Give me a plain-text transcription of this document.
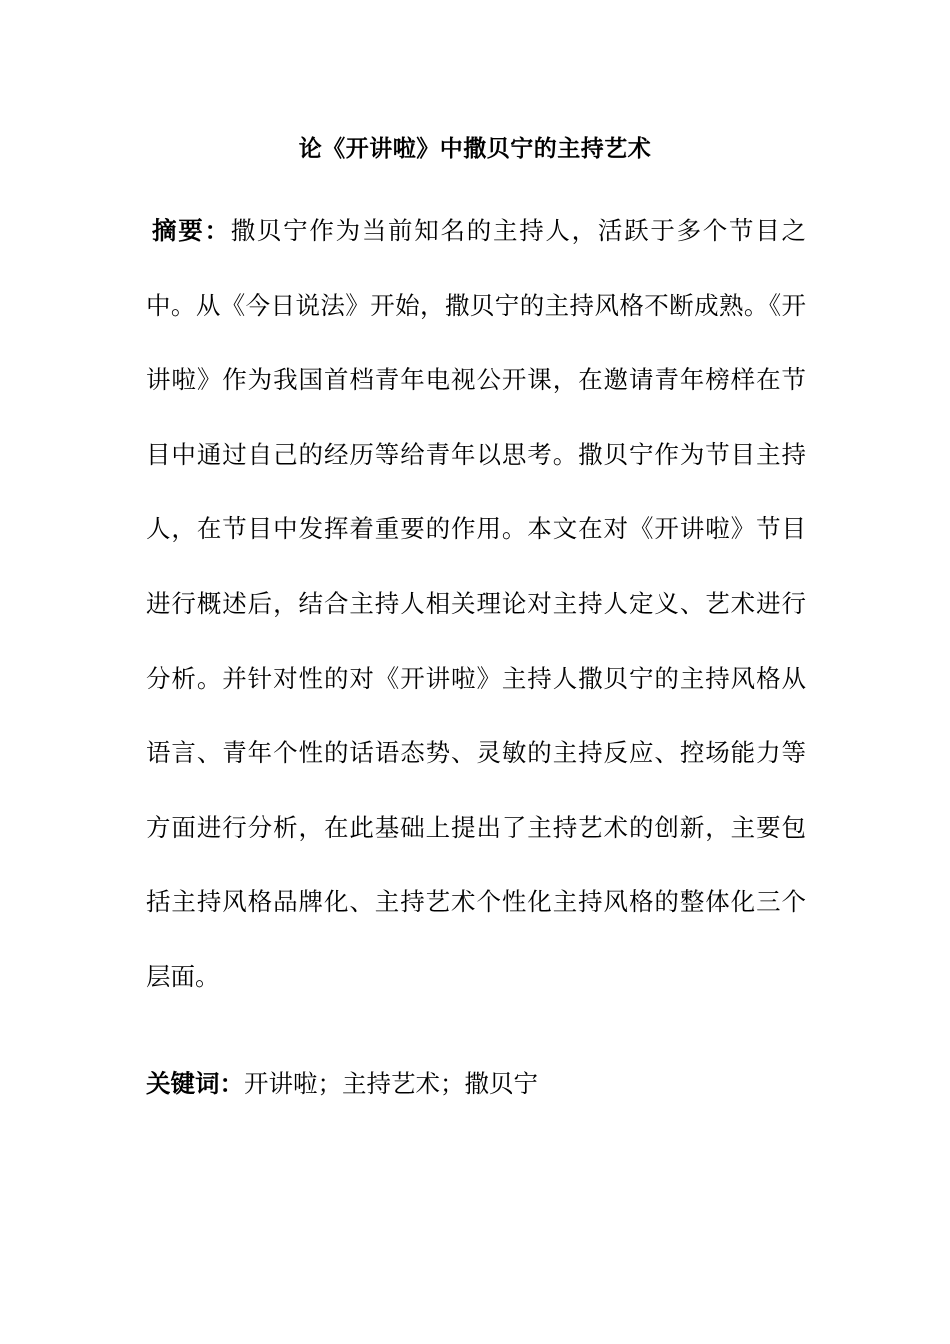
论《开讲啦》中撒贝宁的主持艺术

摘要：撒贝宁作为当前知名的主持人，活跃于多个节目之中。从《今日说法》开始，撒贝宁的主持风格不断成熟。《开讲啦》作为我国首档青年电视公开课，在邀请青年榜样在节目中通过自己的经历等给青年以思考。撒贝宁作为节目主持人，在节目中发挥着重要的作用。本文在对《开讲啦》节目进行概述后，结合主持人相关理论对主持人定义、艺术进行分析。并针对性的对《开讲啦》主持人撒贝宁的主持风格从语言、青年个性的话语态势、灵敏的主持反应、控场能力等方面进行分析，在此基础上提出了主持艺术的创新，主要包括主持风格品牌化、主持艺术个性化主持风格的整体化三个层面。

关键词：开讲啦；主持艺术；撒贝宁
